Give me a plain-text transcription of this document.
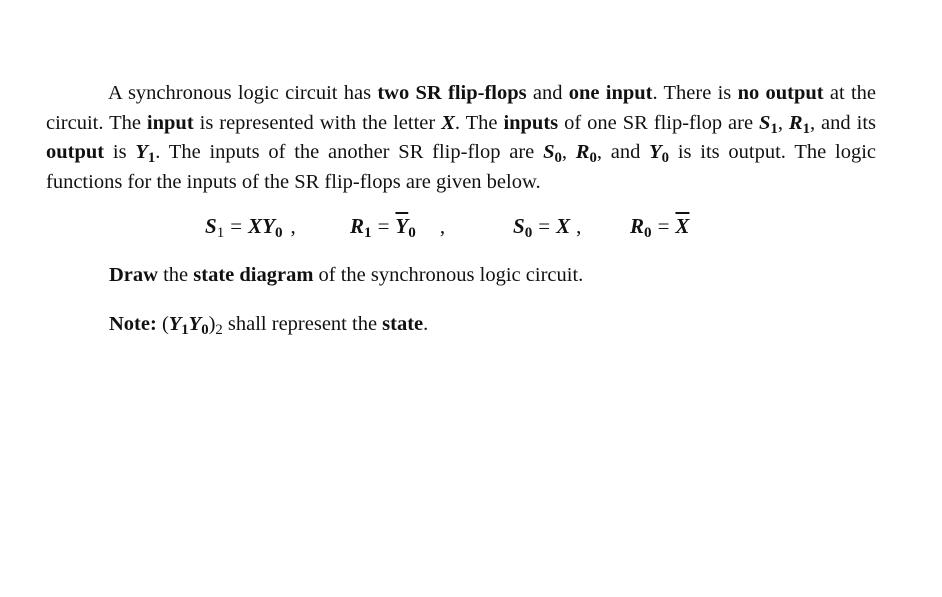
A synchronous logic circuit has two SR flip-flops and one input. There is no output at the circuit. The input is represented with the letter X. The inputs of one SR flip-flop are $S_1$, $R_1$, and its output is $Y_1$. The inputs of the another SR flip-flop are $S_0$, $R_0$, and $Y_0$ is its output. The logic functions for the inputs of the SR flip-flops are given below.

$S_1 = XY_0$ ,	$R_1 = \overline{Y}_0$ ,	$S_0 = X$ , $R_0 = \overline{X}$
Draw the state diagram of the synchronous logic circuit.
Note: $(Y_1Y_0)_2$ shall represent the state.
